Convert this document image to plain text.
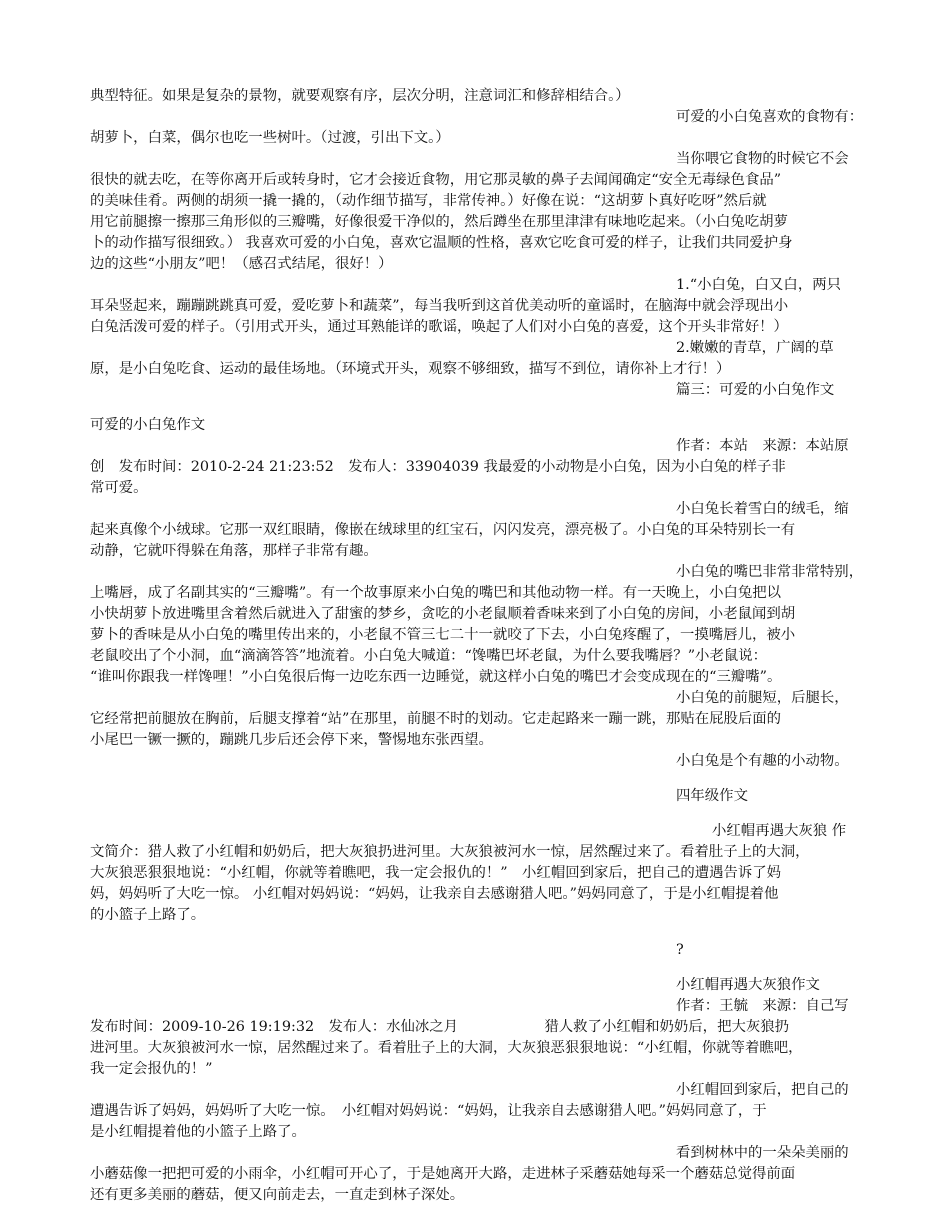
典型特征。如果是复杂的景物，就要观察有序，层次分明，注意词汇和修辞相结合。）
可爱的小白兔喜欢的食物有：
胡萝卜，白菜，偶尔也吃一些树叶。（过渡，引出下文。）
当你喂它食物的时候它不会
很快的就去吃，在等你离开后或转身时，它才会接近食物，用它那灵敏的鼻子去闻闻确定“安全无毒绿色食品”
的美味佳肴。两侧的胡须一撬一撬的，（动作细节描写，非常传神。）好像在说：“这胡萝卜真好吃呀”然后就
用它前腿擦一擦那三角形似的三瓣嘴，好像很爱干净似的，然后蹲坐在那里津津有味地吃起来。（小白兔吃胡萝
卜的动作描写很细致。） 我喜欢可爱的小白兔，喜欢它温顺的性格，喜欢它吃食可爱的样子，让我们共同爱护身
边的这些“小朋友”吧！（感召式结尾，很好！）
1.“小白兔，白又白，两只
耳朵竖起来，蹦蹦跳跳真可爱，爱吃萝卜和蔬菜”，每当我听到这首优美动听的童谣时，在脑海中就会浮现出小
白兔活泼可爱的样子。（引用式开头，通过耳熟能详的歌谣，唤起了人们对小白兔的喜爱，这个开头非常好！）
2.嫩嫩的青草，广阔的草
原，是小白兔吃食、运动的最佳场地。（环境式开头，观察不够细致，描写不到位，请你补上才行！）
篇三：可爱的小白兔作文
可爱的小白兔作文
作者：本站　来源：本站原
创　发布时间：2010-2-24 21:23:52　发布人：33904039 我最爱的小动物是小白兔，因为小白兔的样子非
常可爱。
小白兔长着雪白的绒毛，缩
起来真像个小绒球。它那一双红眼睛，像嵌在绒球里的红宝石，闪闪发亮，漂亮极了。小白兔的耳朵特别长一有
动静，它就吓得躲在角落，那样子非常有趣。
小白兔的嘴巴非常非常特别，
上嘴唇，成了名副其实的“三瓣嘴”。有一个故事原来小白兔的嘴巴和其他动物一样。有一天晚上，小白兔把以
小快胡萝卜放进嘴里含着然后就进入了甜蜜的梦乡，贪吃的小老鼠顺着香味来到了小白兔的房间，小老鼠闻到胡
萝卜的香味是从小白兔的嘴里传出来的，小老鼠不管三七二十一就咬了下去，小白兔疼醒了，一摸嘴唇儿，被小
老鼠咬出了个小洞，血“滴滴答答”地流着。小白兔大喊道：“馋嘴巴坏老鼠，为什么要我嘴唇？”小老鼠说：
“谁叫你跟我一样馋哩！”小白兔很后悔一边吃东西一边睡觉，就这样小白兔的嘴巴才会变成现在的“三瓣嘴”。
小白兔的前腿短，后腿长，
它经常把前腿放在胸前，后腿支撑着“站”在那里，前腿不时的划动。它走起路来一蹦一跳，那贴在屁股后面的
小尾巴一镢一撅的，蹦跳几步后还会停下来，警惕地东张西望。
小白兔是个有趣的小动物。
四年级作文
小红帽再遇大灰狼 作
文简介：猎人救了小红帽和奶奶后，把大灰狼扔进河里。大灰狼被河水一惊，居然醒过来了。看着肚子上的大洞，
大灰狼恶狠狠地说：“小红帽，你就等着瞧吧，我一定会报仇的！”　小红帽回到家后，把自己的遭遇告诉了妈
妈，妈妈听了大吃一惊。 小红帽对妈妈说：“妈妈，让我亲自去感谢猎人吧。”妈妈同意了，于是小红帽提着他
的小篮子上路了。
?
小红帽再遇大灰狼作文
作者：王毓　来源：自己写
发布时间：2009-10-26 19:19:32　发布人：水仙冰之月　　　　　　猎人救了小红帽和奶奶后，把大灰狼扔
进河里。大灰狼被河水一惊，居然醒过来了。看着肚子上的大洞，大灰狼恶狠狠地说：“小红帽，你就等着瞧吧，
我一定会报仇的！”
小红帽回到家后，把自己的
遭遇告诉了妈妈，妈妈听了大吃一惊。　小红帽对妈妈说：“妈妈，让我亲自去感谢猎人吧。”妈妈同意了，于
是小红帽提着他的小篮子上路了。
看到树林中的一朵朵美丽的
小蘑菇像一把把可爱的小雨伞，小红帽可开心了，于是她离开大路，走进林子采蘑菇她每采一个蘑菇总觉得前面
还有更多美丽的蘑菇，便又向前走去，一直走到林子深处。
